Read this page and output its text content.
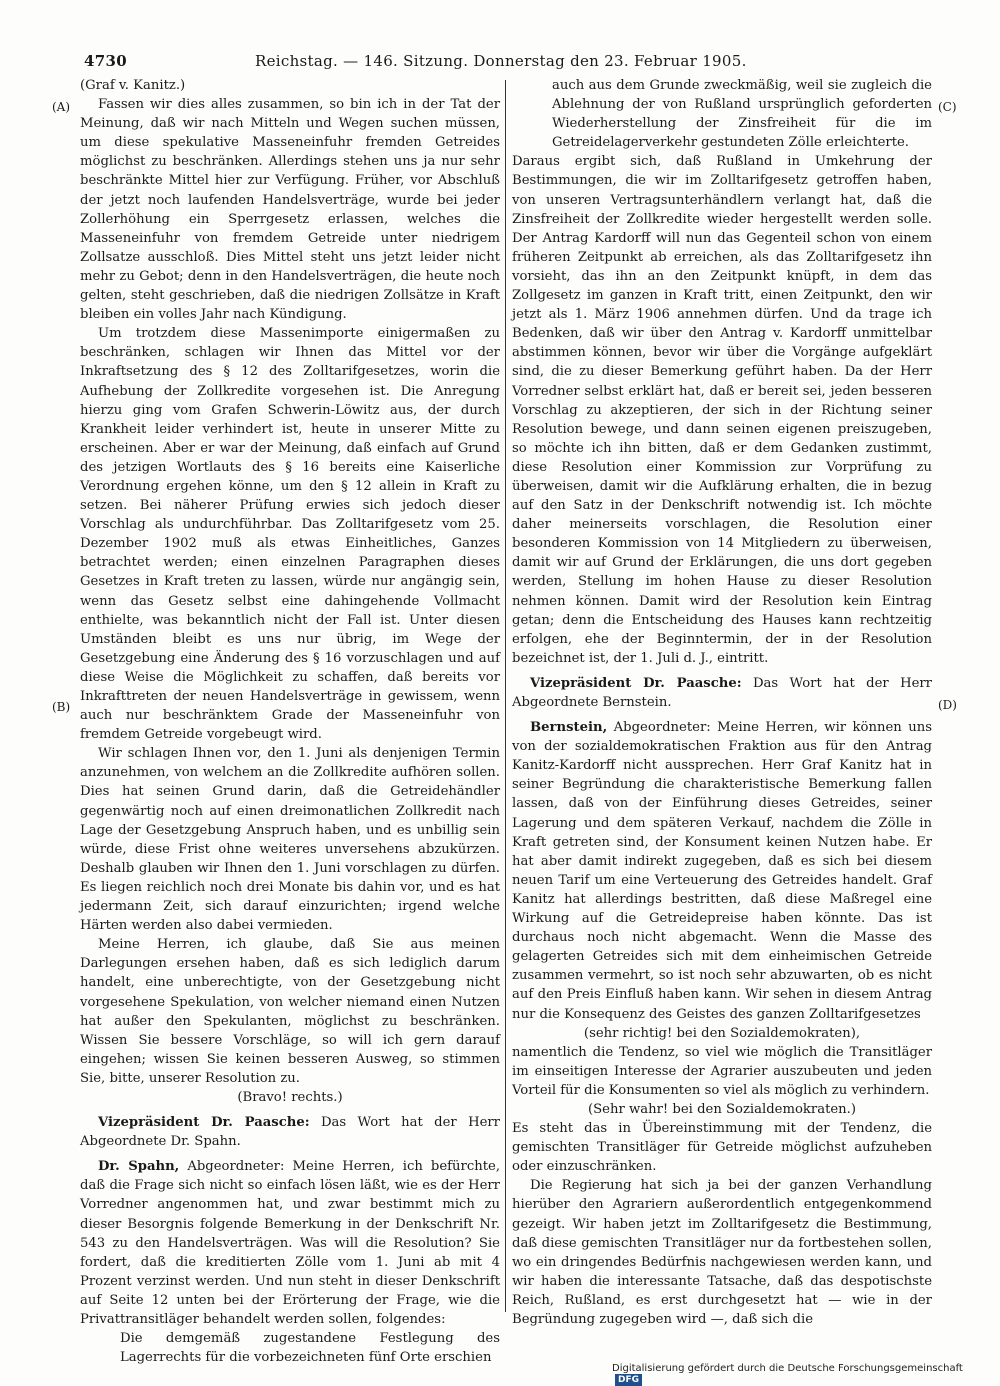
4730	Reichstag. — 146. Sitzung. Donnerstag den 23. Februar 1905.
(A)
(B)
(C)
(D)

(Graf v. Kanitz.)

Fassen wir dies alles zusammen, so bin ich in der Tat der Meinung, daß wir nach Mitteln und Wegen suchen müssen, um diese spekulative Masseneinfuhr fremden Getreides möglichst zu beschränken. Allerdings stehen uns ja nur sehr beschränkte Mittel hier zur Verfügung. Früher, vor Abschluß der jetzt noch laufenden Handelsverträge, wurde bei jeder Zollerhöhung ein Sperrgesetz erlassen, welches die Masseneinfuhr von fremdem Getreide unter niedrigem Zollsatze ausschloß. Dies Mittel steht uns jetzt leider nicht mehr zu Gebot; denn in den Handelsverträgen, die heute noch gelten, steht geschrieben, daß die niedrigen Zollsätze in Kraft bleiben ein volles Jahr nach Kündigung.

Um trotzdem diese Massenimporte einigermaßen zu beschränken, schlagen wir Ihnen das Mittel vor der Inkraftsetzung des § 12 des Zolltarifgesetzes, worin die Aufhebung der Zollkredite vorgesehen ist. Die Anregung hierzu ging vom Grafen Schwerin-Löwitz aus, der durch Krankheit leider verhindert ist, heute in unserer Mitte zu erscheinen. Aber er war der Meinung, daß einfach auf Grund des jetzigen Wortlauts des § 16 bereits eine Kaiserliche Verordnung ergehen könne, um den § 12 allein in Kraft zu setzen. Bei näherer Prüfung erwies sich jedoch dieser Vorschlag als undurchführbar. Das Zolltarifgesetz vom 25. Dezember 1902 muß als etwas Einheitliches, Ganzes betrachtet werden; einen einzelnen Paragraphen dieses Gesetzes in Kraft treten zu lassen, würde nur angängig sein, wenn das Gesetz selbst eine dahingehende Vollmacht enthielte, was bekanntlich nicht der Fall ist. Unter diesen Umständen bleibt es uns nur übrig, im Wege der Gesetzgebung eine Änderung des § 16 vorzuschlagen und auf diese Weise die Möglichkeit zu schaffen, daß bereits vor Inkrafttreten der neuen Handelsverträge in gewissem, wenn auch nur beschränktem Grade der Masseneinfuhr von fremdem Getreide vorgebeugt wird.

Wir schlagen Ihnen vor, den 1. Juni als denjenigen Termin anzunehmen, von welchem an die Zollkredite aufhören sollen. Dies hat seinen Grund darin, daß die Getreidehändler gegenwärtig noch auf einen dreimonatlichen Zollkredit nach Lage der Gesetzgebung Anspruch haben, und es unbillig sein würde, diese Frist ohne weiteres unversehens abzukürzen. Deshalb glauben wir Ihnen den 1. Juni vorschlagen zu dürfen. Es liegen reichlich noch drei Monate bis dahin vor, und es hat jedermann Zeit, sich darauf einzurichten; irgend welche Härten werden also dabei vermieden.

Meine Herren, ich glaube, daß Sie aus meinen Darlegungen ersehen haben, daß es sich lediglich darum handelt, eine unberechtigte, von der Gesetzgebung nicht vorgesehene Spekulation, von welcher niemand einen Nutzen hat außer den Spekulanten, möglichst zu beschränken. Wissen Sie bessere Vorschläge, so will ich gern darauf eingehen; wissen Sie keinen besseren Ausweg, so stimmen Sie, bitte, unserer Resolution zu.

(Bravo! rechts.)

Vizepräsident Dr. Paasche: Das Wort hat der Herr Abgeordnete Dr. Spahn.

Dr. Spahn, Abgeordneter: Meine Herren, ich befürchte, daß die Frage sich nicht so einfach lösen läßt, wie es der Herr Vorredner angenommen hat, und zwar bestimmt mich zu dieser Besorgnis folgende Bemerkung in der Denkschrift Nr. 543 zu den Handelsverträgen. Was will die Resolution? Sie fordert, daß die kreditierten Zölle vom 1. Juni ab mit 4 Prozent verzinst werden. Und nun steht in dieser Denkschrift auf Seite 12 unten bei der Erörterung der Frage, wie die Privattransitläger behandelt werden sollen, folgendes:

Die demgemäß zugestandene Festlegung des Lagerrechts für die vorbezeichneten fünf Orte erschien

auch aus dem Grunde zweckmäßig, weil sie zugleich die Ablehnung der von Rußland ursprünglich geforderten Wiederherstellung der Zinsfreiheit für die im Getreidelagerverkehr gestundeten Zölle erleichterte.

Daraus ergibt sich, daß Rußland in Umkehrung der Bestimmungen, die wir im Zolltarifgesetz getroffen haben, von unseren Vertragsunterhändlern verlangt hat, daß die Zinsfreiheit der Zollkredite wieder hergestellt werden solle. Der Antrag Kardorff will nun das Gegenteil schon von einem früheren Zeitpunkt ab erreichen, als das Zolltarifgesetz ihn vorsieht, das ihn an den Zeitpunkt knüpft, in dem das Zollgesetz im ganzen in Kraft tritt, einen Zeitpunkt, den wir jetzt als 1. März 1906 annehmen dürfen. Und da trage ich Bedenken, daß wir über den Antrag v. Kardorff unmittelbar abstimmen können, bevor wir über die Vorgänge aufgeklärt sind, die zu dieser Bemerkung geführt haben. Da der Herr Vorredner selbst erklärt hat, daß er bereit sei, jeden besseren Vorschlag zu akzeptieren, der sich in der Richtung seiner Resolution bewege, und dann seinen eigenen preiszugeben, so möchte ich ihn bitten, daß er dem Gedanken zustimmt, diese Resolution einer Kommission zur Vorprüfung zu überweisen, damit wir die Aufklärung erhalten, die in bezug auf den Satz in der Denkschrift notwendig ist. Ich möchte daher meinerseits vorschlagen, die Resolution einer besonderen Kommission von 14 Mitgliedern zu überweisen, damit wir auf Grund der Erklärungen, die uns dort gegeben werden, Stellung im hohen Hause zu dieser Resolution nehmen können. Damit wird der Resolution kein Eintrag getan; denn die Entscheidung des Hauses kann rechtzeitig erfolgen, ehe der Beginntermin, der in der Resolution bezeichnet ist, der 1. Juli d. J., eintritt.

Vizepräsident Dr. Paasche: Das Wort hat der Herr Abgeordnete Bernstein.

Bernstein, Abgeordneter: Meine Herren, wir können uns von der sozialdemokratischen Fraktion aus für den Antrag Kanitz-Kardorff nicht aussprechen. Herr Graf Kanitz hat in seiner Begründung die charakteristische Bemerkung fallen lassen, daß von der Einführung dieses Getreides, seiner Lagerung und dem späteren Verkauf, nachdem die Zölle in Kraft getreten sind, der Konsument keinen Nutzen habe. Er hat aber damit indirekt zugegeben, daß es sich bei diesem neuen Tarif um eine Verteuerung des Getreides handelt. Graf Kanitz hat allerdings bestritten, daß diese Maßregel eine Wirkung auf die Getreidepreise haben könnte. Das ist durchaus noch nicht abgemacht. Wenn die Masse des gelagerten Getreides sich mit dem einheimischen Getreide zusammen vermehrt, so ist noch sehr abzuwarten, ob es nicht auf den Preis Einfluß haben kann. Wir sehen in diesem Antrag nur die Konsequenz des Geistes des ganzen Zolltarifgesetzes

(sehr richtig! bei den Sozialdemokraten),

namentlich die Tendenz, so viel wie möglich die Transitläger im einseitigen Interesse der Agrarier auszubeuten und jeden Vorteil für die Konsumenten so viel als möglich zu verhindern.

(Sehr wahr! bei den Sozialdemokraten.)

Es steht das in Übereinstimmung mit der Tendenz, die gemischten Transitläger für Getreide möglichst aufzuheben oder einzuschränken.

Die Regierung hat sich ja bei der ganzen Verhandlung hierüber den Agrariern außerordentlich entgegenkommend gezeigt. Wir haben jetzt im Zolltarifgesetz die Bestimmung, daß diese gemischten Transitläger nur da fortbestehen sollen, wo ein dringendes Bedürfnis nachgewiesen werden kann, und wir haben die interessante Tatsache, daß das despotischste Reich, Rußland, es erst durchgesetzt hat — wie in der Begründung zugegeben wird —, daß sich die

Digitalisierung gefördert durch die Deutsche ForschungsgemeinschaftDFG
